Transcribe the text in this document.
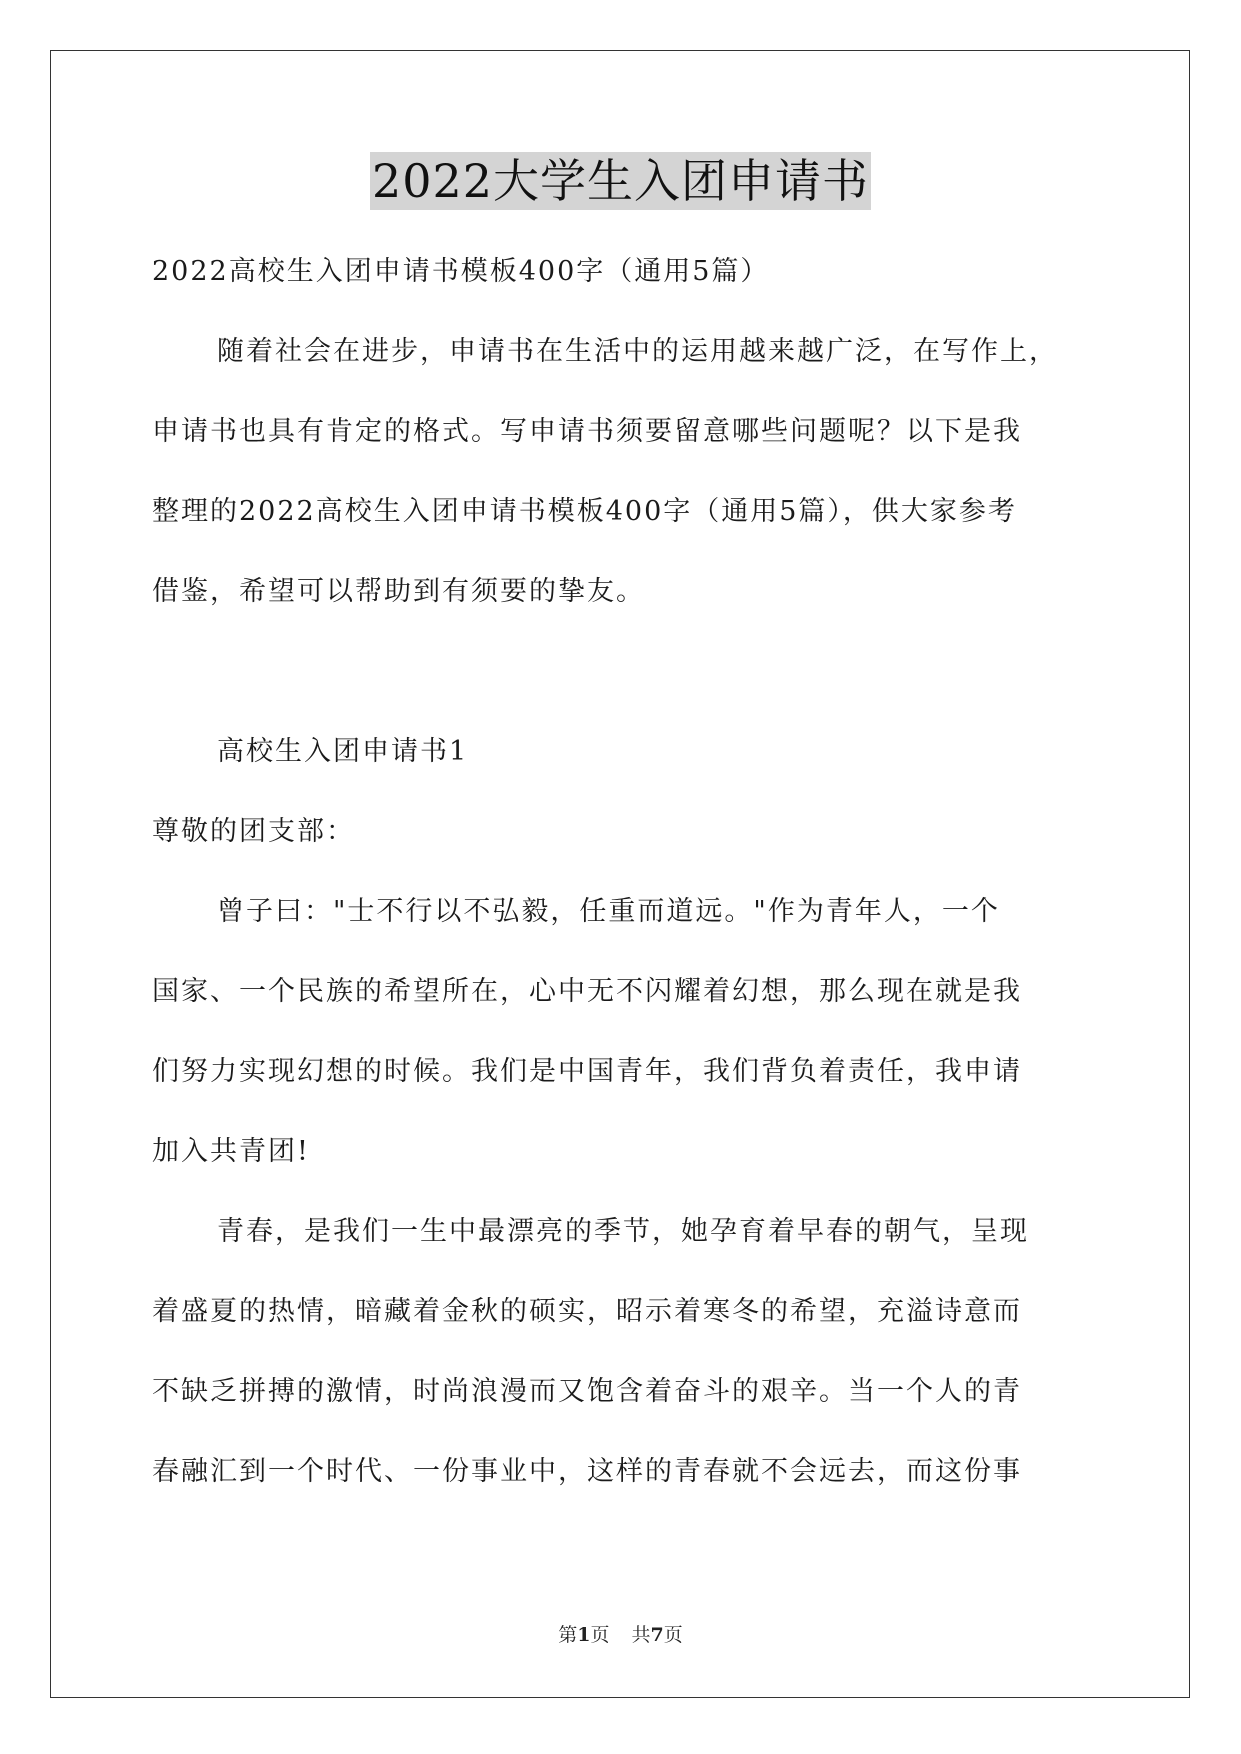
2022大学生入团申请书
2022高校生入团申请书模板400字（通用5篇）
随着社会在进步，申请书在生活中的运用越来越广泛，在写作上，
申请书也具有肯定的格式。写申请书须要留意哪些问题呢？以下是我
整理的2022高校生入团申请书模板400字（通用5篇），供大家参考
借鉴，希望可以帮助到有须要的挚友。
高校生入团申请书1
尊敬的团支部：
曾子曰："士不行以不弘毅，任重而道远。"作为青年人，一个
国家、一个民族的希望所在，心中无不闪耀着幻想，那么现在就是我
们努力实现幻想的时候。我们是中国青年，我们背负着责任，我申请
加入共青团!
青春，是我们一生中最漂亮的季节，她孕育着早春的朝气，呈现
着盛夏的热情，暗藏着金秋的硕实，昭示着寒冬的希望，充溢诗意而
不缺乏拼搏的激情，时尚浪漫而又饱含着奋斗的艰辛。当一个人的青
春融汇到一个时代、一份事业中，这样的青春就不会远去，而这份事
第1页 共7页
